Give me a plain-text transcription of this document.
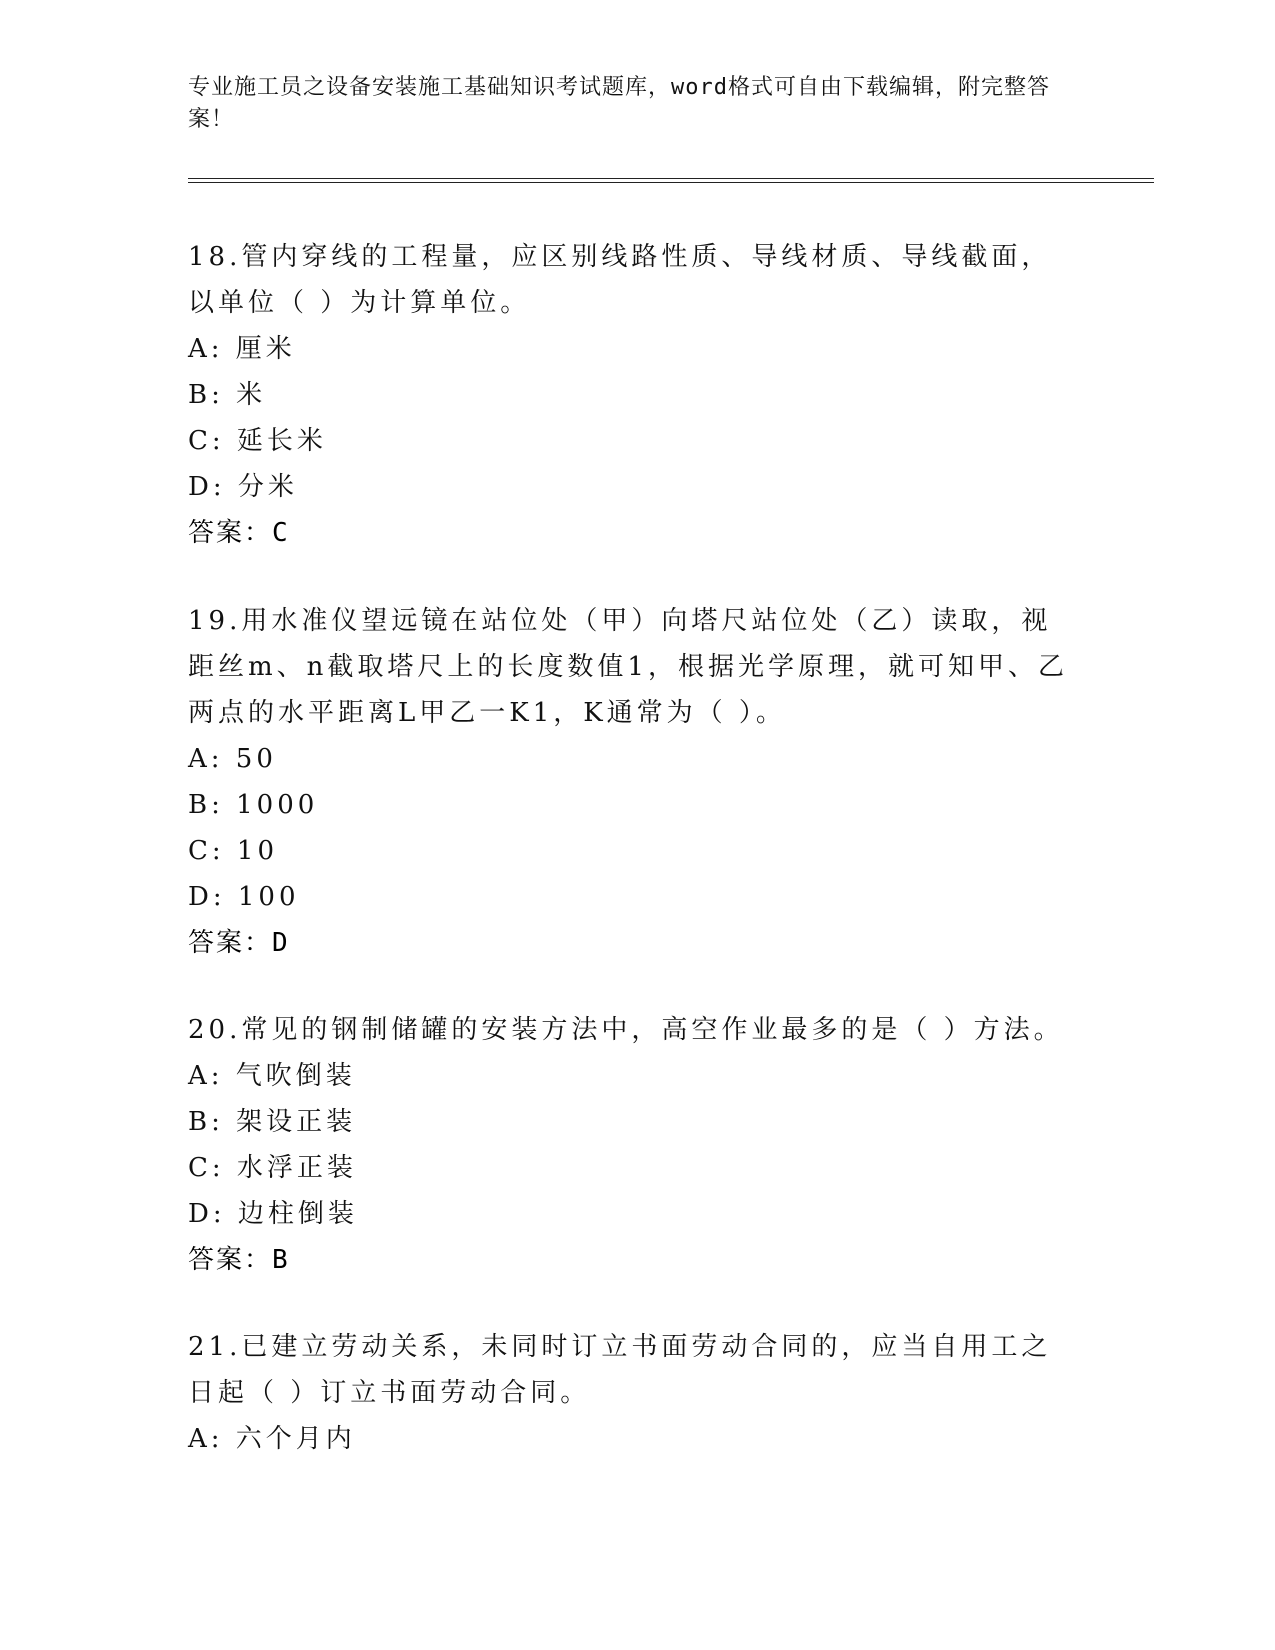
专业施工员之设备安装施工基础知识考试题库，word格式可自由下载编辑，附完整答案！

18.管内穿线的工程量，应区别线路性质、导线材质、导线截面，以单位（ ）为计算单位。

A: 厘米
B: 米
C: 延长米
D: 分米
答案：C

19.用水准仪望远镜在站位处（甲）向塔尺站位处（乙）读取，视距丝m、n截取塔尺上的长度数值1，根据光学原理，就可知甲、乙两点的水平距离L甲乙一K1，K通常为（ ）。

A: 50
B: 1000
C: 10
D: 100
答案：D

20.常见的钢制储罐的安装方法中，高空作业最多的是（ ）方法。

A: 气吹倒装
B: 架设正装
C: 水浮正装
D: 边柱倒装
答案：B

21.已建立劳动关系，未同时订立书面劳动合同的，应当自用工之日起（ ）订立书面劳动合同。

A: 六个月内
